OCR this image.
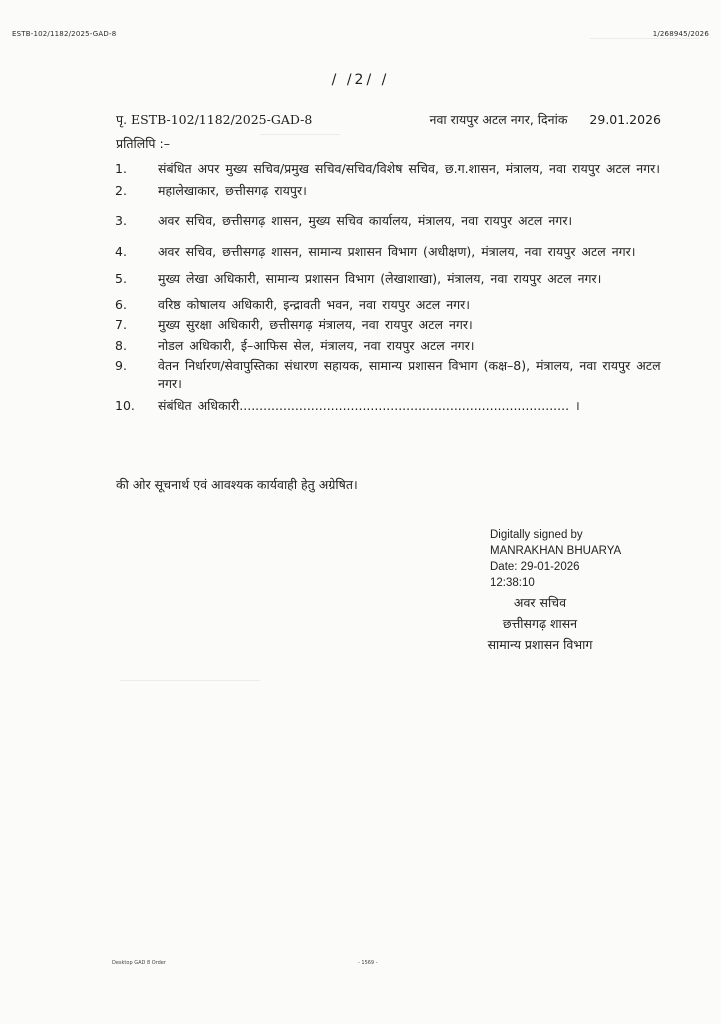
ESTB-102/1182/2025-GAD-8	1/268945/2026
/ /2/ /
पृ. ESTB-102/1182/2025-GAD-8	नवा रायपुर अटल नगर, दिनांक 29.01.2026
प्रतिलिपि :–
1.	संबंधित अपर मुख्य सचिव/प्रमुख सचिव/सचिव/विशेष सचिव, छ.ग.शासन, मंत्रालय, नवा रायपुर अटल नगर।
2.	महालेखाकार, छत्तीसगढ़ रायपुर।
3.	अवर सचिव, छत्तीसगढ़ शासन, मुख्य सचिव कार्यालय, मंत्रालय, नवा रायपुर अटल नगर।
4.	अवर सचिव, छत्तीसगढ़ शासन, सामान्य प्रशासन विभाग (अधीक्षण), मंत्रालय, नवा रायपुर अटल नगर।
5.	मुख्य लेखा अधिकारी, सामान्य प्रशासन विभाग (लेखाशाखा), मंत्रालय, नवा रायपुर अटल नगर।
6.	वरिष्ठ कोषालय अधिकारी, इन्द्रावती भवन, नवा रायपुर अटल नगर।
7.	मुख्य सुरक्षा अधिकारी, छत्तीसगढ़ मंत्रालय, नवा रायपुर अटल नगर।
8.	नोडल अधिकारी, ई–आफिस सेल, मंत्रालय, नवा रायपुर अटल नगर।
9.	वेतन निर्धारण/सेवापुस्तिका संधारण सहायक, सामान्य प्रशासन विभाग (कक्ष–8), मंत्रालय, नवा रायपुर अटल नगर।
10.	संबंधित अधिकारी................................................................................... ।
की ओर सूचनार्थ एवं आवश्यक कार्यवाही हेतु अग्रेषित।
Digitally signed by
MANRAKHAN BHUARYA
Date: 29-01-2026
12:38:10
अवर सचिव
छत्तीसगढ़ शासन
सामान्य प्रशासन विभाग
Desktop GAD 8 Order	- 1569 -
